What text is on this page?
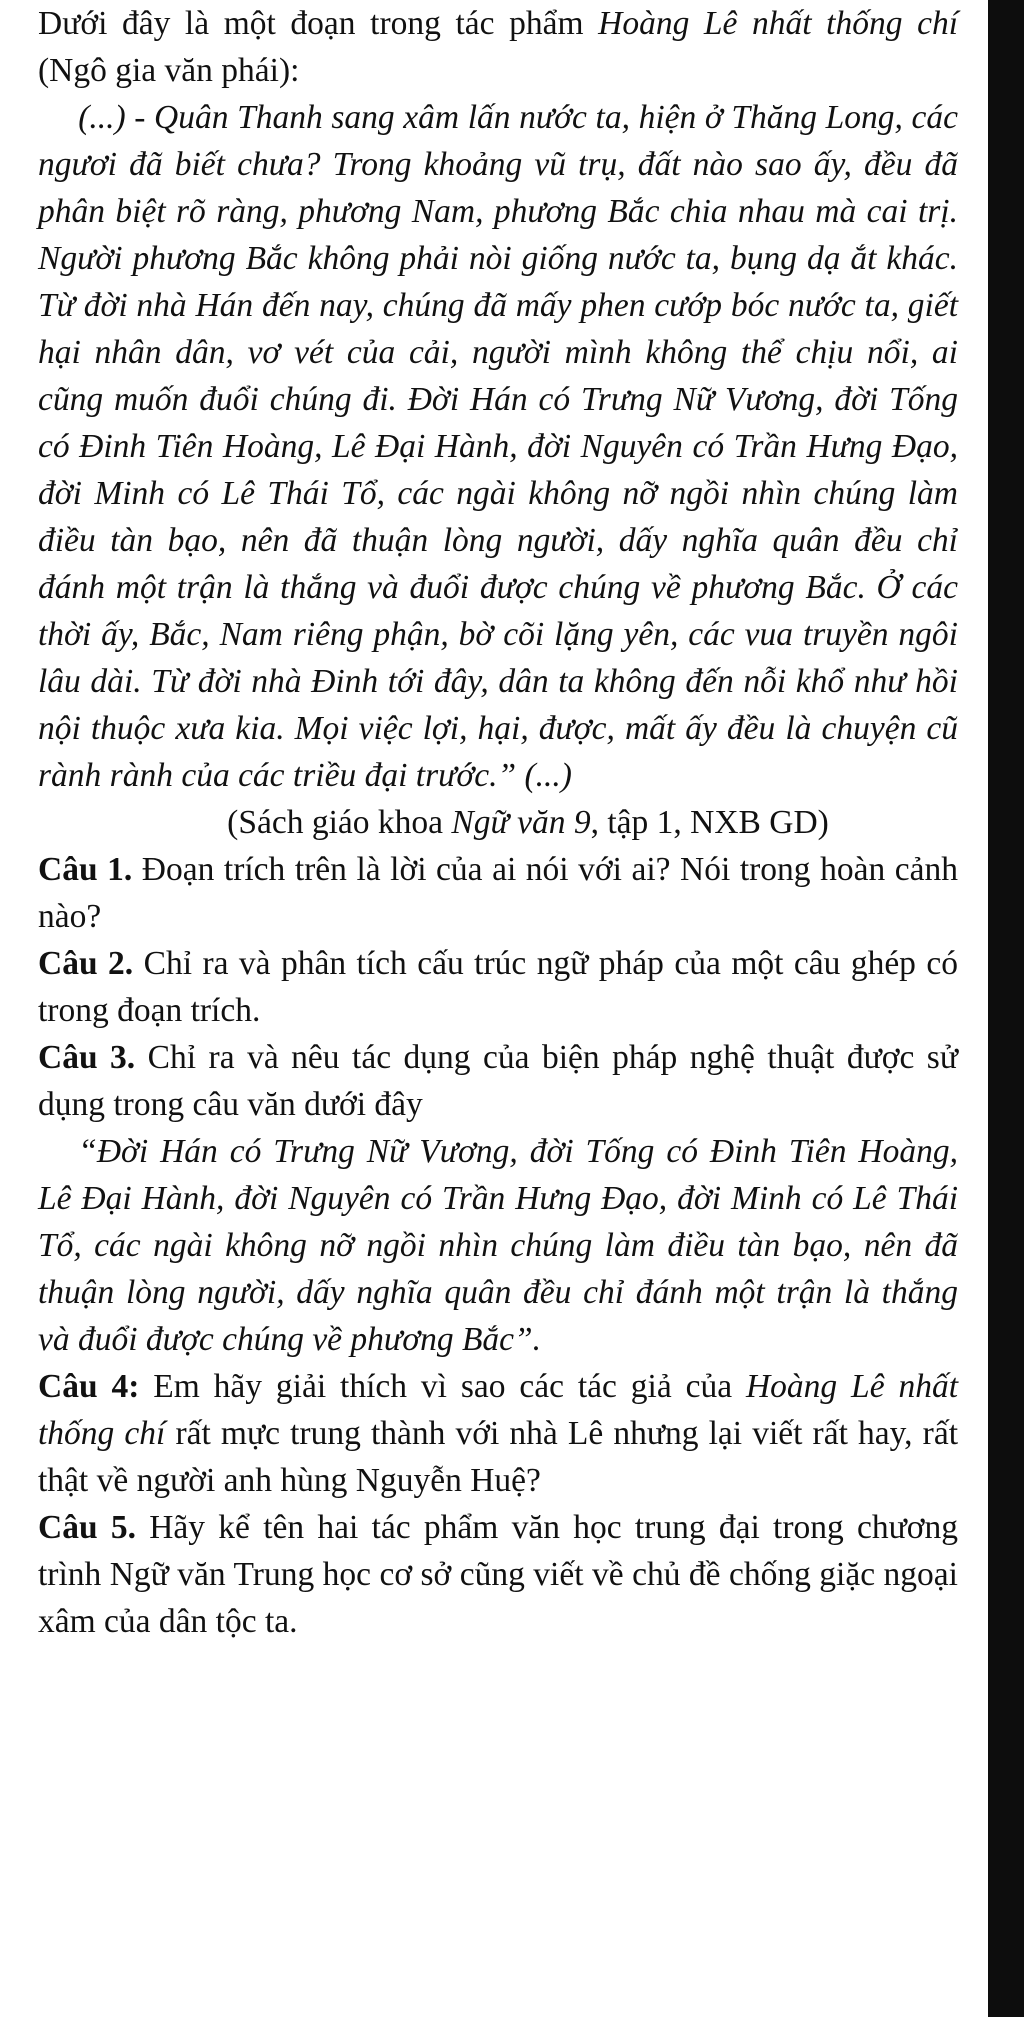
Dưới đây là một đoạn trong tác phẩm Hoàng Lê nhất thống chí (Ngô gia văn phái):

(...) - Quân Thanh sang xâm lấn nước ta, hiện ở Thăng Long, các ngươi đã biết chưa? Trong khoảng vũ trụ, đất nào sao ấy, đều đã phân biệt rõ ràng, phương Nam, phương Bắc chia nhau mà cai trị. Người phương Bắc không phải nòi giống nước ta, bụng dạ ắt khác. Từ đời nhà Hán đến nay, chúng đã mấy phen cướp bóc nước ta, giết hại nhân dân, vơ vét của cải, người mình không thể chịu nổi, ai cũng muốn đuổi chúng đi. Đời Hán có Trưng Nữ Vương, đời Tống có Đinh Tiên Hoàng, Lê Đại Hành, đời Nguyên có Trần Hưng Đạo, đời Minh có Lê Thái Tổ, các ngài không nỡ ngồi nhìn chúng làm điều tàn bạo, nên đã thuận lòng người, dấy nghĩa quân đều chỉ đánh một trận là thắng và đuổi được chúng về phương Bắc. Ở các thời ấy, Bắc, Nam riêng phận, bờ cõi lặng yên, các vua truyền ngôi lâu dài. Từ đời nhà Đinh tới đây, dân ta không đến nỗi khổ như hồi nội thuộc xưa kia. Mọi việc lợi, hại, được, mất ấy đều là chuyện cũ rành rành của các triều đại trước.” (...)

(Sách giáo khoa Ngữ văn 9, tập 1, NXB GD)

Câu 1. Đoạn trích trên là lời của ai nói với ai? Nói trong hoàn cảnh nào?

Câu 2. Chỉ ra và phân tích cấu trúc ngữ pháp của một câu ghép có trong đoạn trích.

Câu 3. Chỉ ra và nêu tác dụng của biện pháp nghệ thuật được sử dụng trong câu văn dưới đây

“Đời Hán có Trưng Nữ Vương, đời Tống có Đinh Tiên Hoàng, Lê Đại Hành, đời Nguyên có Trần Hưng Đạo, đời Minh có Lê Thái Tổ, các ngài không nỡ ngồi nhìn chúng làm điều tàn bạo, nên đã thuận lòng người, dấy nghĩa quân đều chỉ đánh một trận là thắng và đuổi được chúng về phương Bắc”.

Câu 4: Em hãy giải thích vì sao các tác giả của Hoàng Lê nhất thống chí rất mực trung thành với nhà Lê nhưng lại viết rất hay, rất thật về người anh hùng Nguyễn Huệ?

Câu 5. Hãy kể tên hai tác phẩm văn học trung đại trong chương trình Ngữ văn Trung học cơ sở cũng viết về chủ đề chống giặc ngoại xâm của dân tộc ta.
